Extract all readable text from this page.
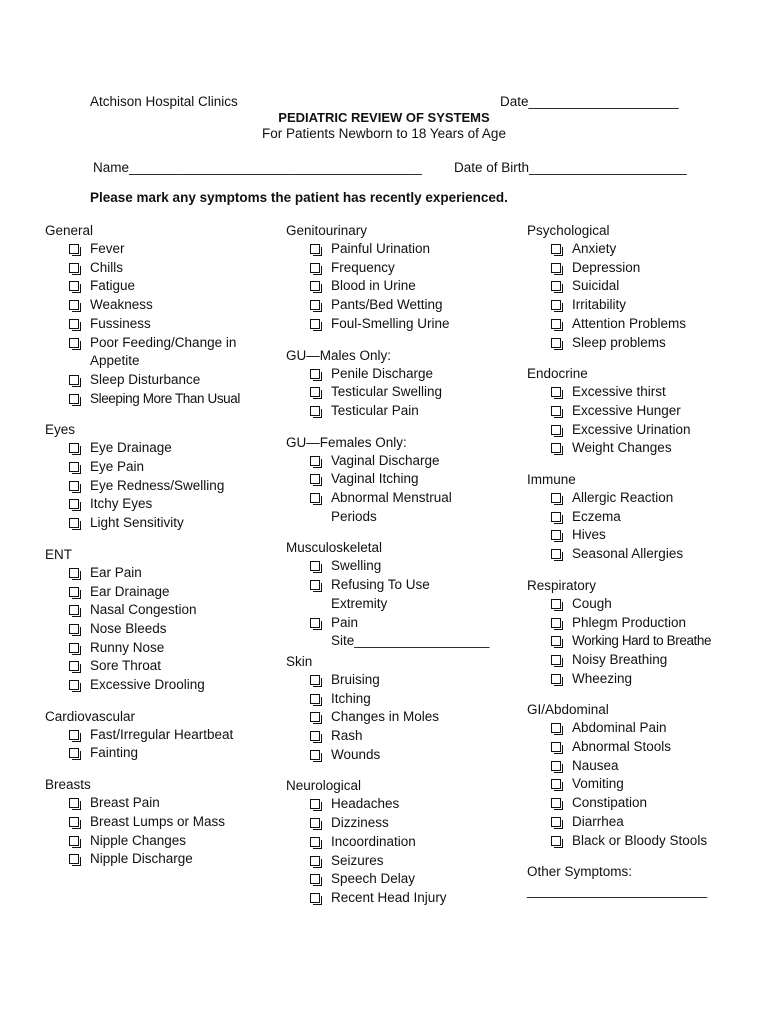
Atchison Hospital Clinics	Date____________________
PEDIATRIC REVIEW OF SYSTEMS
For Patients Newborn to 18 Years of Age
Name_______________________________________ Date of Birth_____________________
Please mark any symptoms the patient has recently experienced.
General
Fever
Chills
Fatigue
Weakness
Fussiness
Poor Feeding/Change in
Appetite
Sleep Disturbance
Sleeping More Than Usual
Eyes
Eye Drainage
Eye Pain
Eye Redness/Swelling
Itchy Eyes
Light Sensitivity
ENT
Ear Pain
Ear Drainage
Nasal Congestion
Nose Bleeds
Runny Nose
Sore Throat
Excessive Drooling
Cardiovascular
Fast/Irregular Heartbeat
Fainting
Breasts
Breast Pain
Breast Lumps or Mass
Nipple Changes
Nipple Discharge
Genitourinary
Painful Urination
Frequency
Blood in Urine
Pants/Bed Wetting
Foul-Smelling Urine
GU—Males Only:
Penile Discharge
Testicular Swelling
Testicular Pain
GU—Females Only:
Vaginal Discharge
Vaginal Itching
Abnormal Menstrual
Periods
Musculoskeletal
Swelling
Refusing To Use
Extremity
Pain
Site__________________
Skin
Bruising
Itching
Changes in Moles
Rash
Wounds
Neurological
Headaches
Dizziness
Incoordination
Seizures
Speech Delay
Recent Head Injury
Psychological
Anxiety
Depression
Suicidal
Irritability
Attention Problems
Sleep problems
Endocrine
Excessive thirst
Excessive Hunger
Excessive Urination
Weight Changes
Immune
Allergic Reaction
Eczema
Hives
Seasonal Allergies
Respiratory
Cough
Phlegm Production
Working Hard to Breathe
Noisy Breathing
Wheezing
GI/Abdominal
Abdominal Pain
Abnormal Stools
Nausea
Vomiting
Constipation
Diarrhea
Black or Bloody Stools
Other Symptoms:
________________________
